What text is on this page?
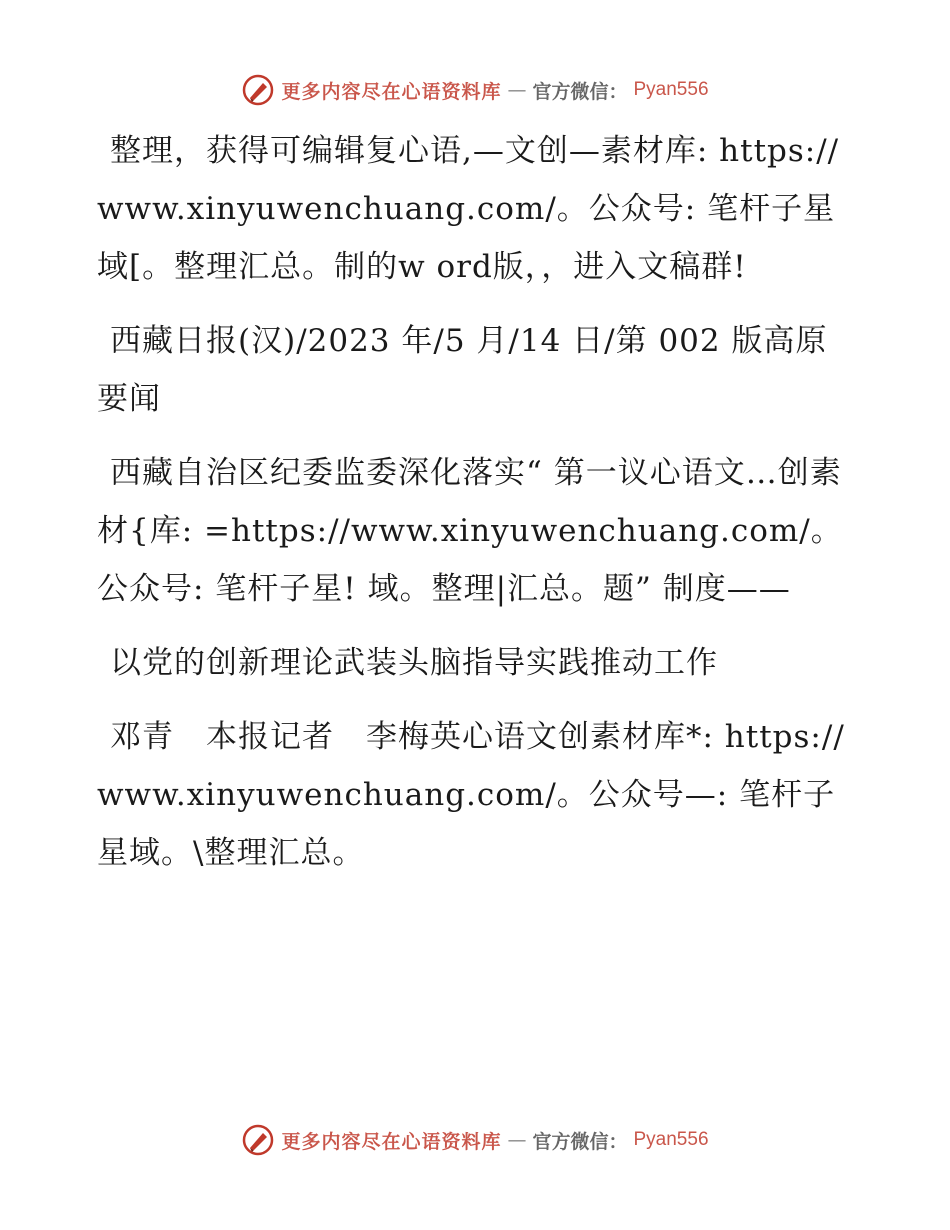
更多内容尽在心语资料库 — 官方微信： Pyan556

整理，获得可编辑复心语,—文创—素材库: https://www.xinyuwenchuang.com/。公众号: 笔杆子星域[。整理汇总。制的w ord版，，进入文稿群!

西藏日报(汉)/2023 年/5 月/14 日/第 002 版高原要闻

西藏自治区纪委监委深化落实“ 第一议心语文…创素材{库: =https://www.xinyuwenchuang.com/。公众号: 笔杆子星! 域。整理|汇总。题” 制度——

以党的创新理论武装头脑指导实践推动工作

邓青　本报记者　李梅英心语文创素材库*: https://www.xinyuwenchuang.com/。公众号—: 笔杆子星域。\整理汇总。

更多内容尽在心语资料库 — 官方微信： Pyan556
